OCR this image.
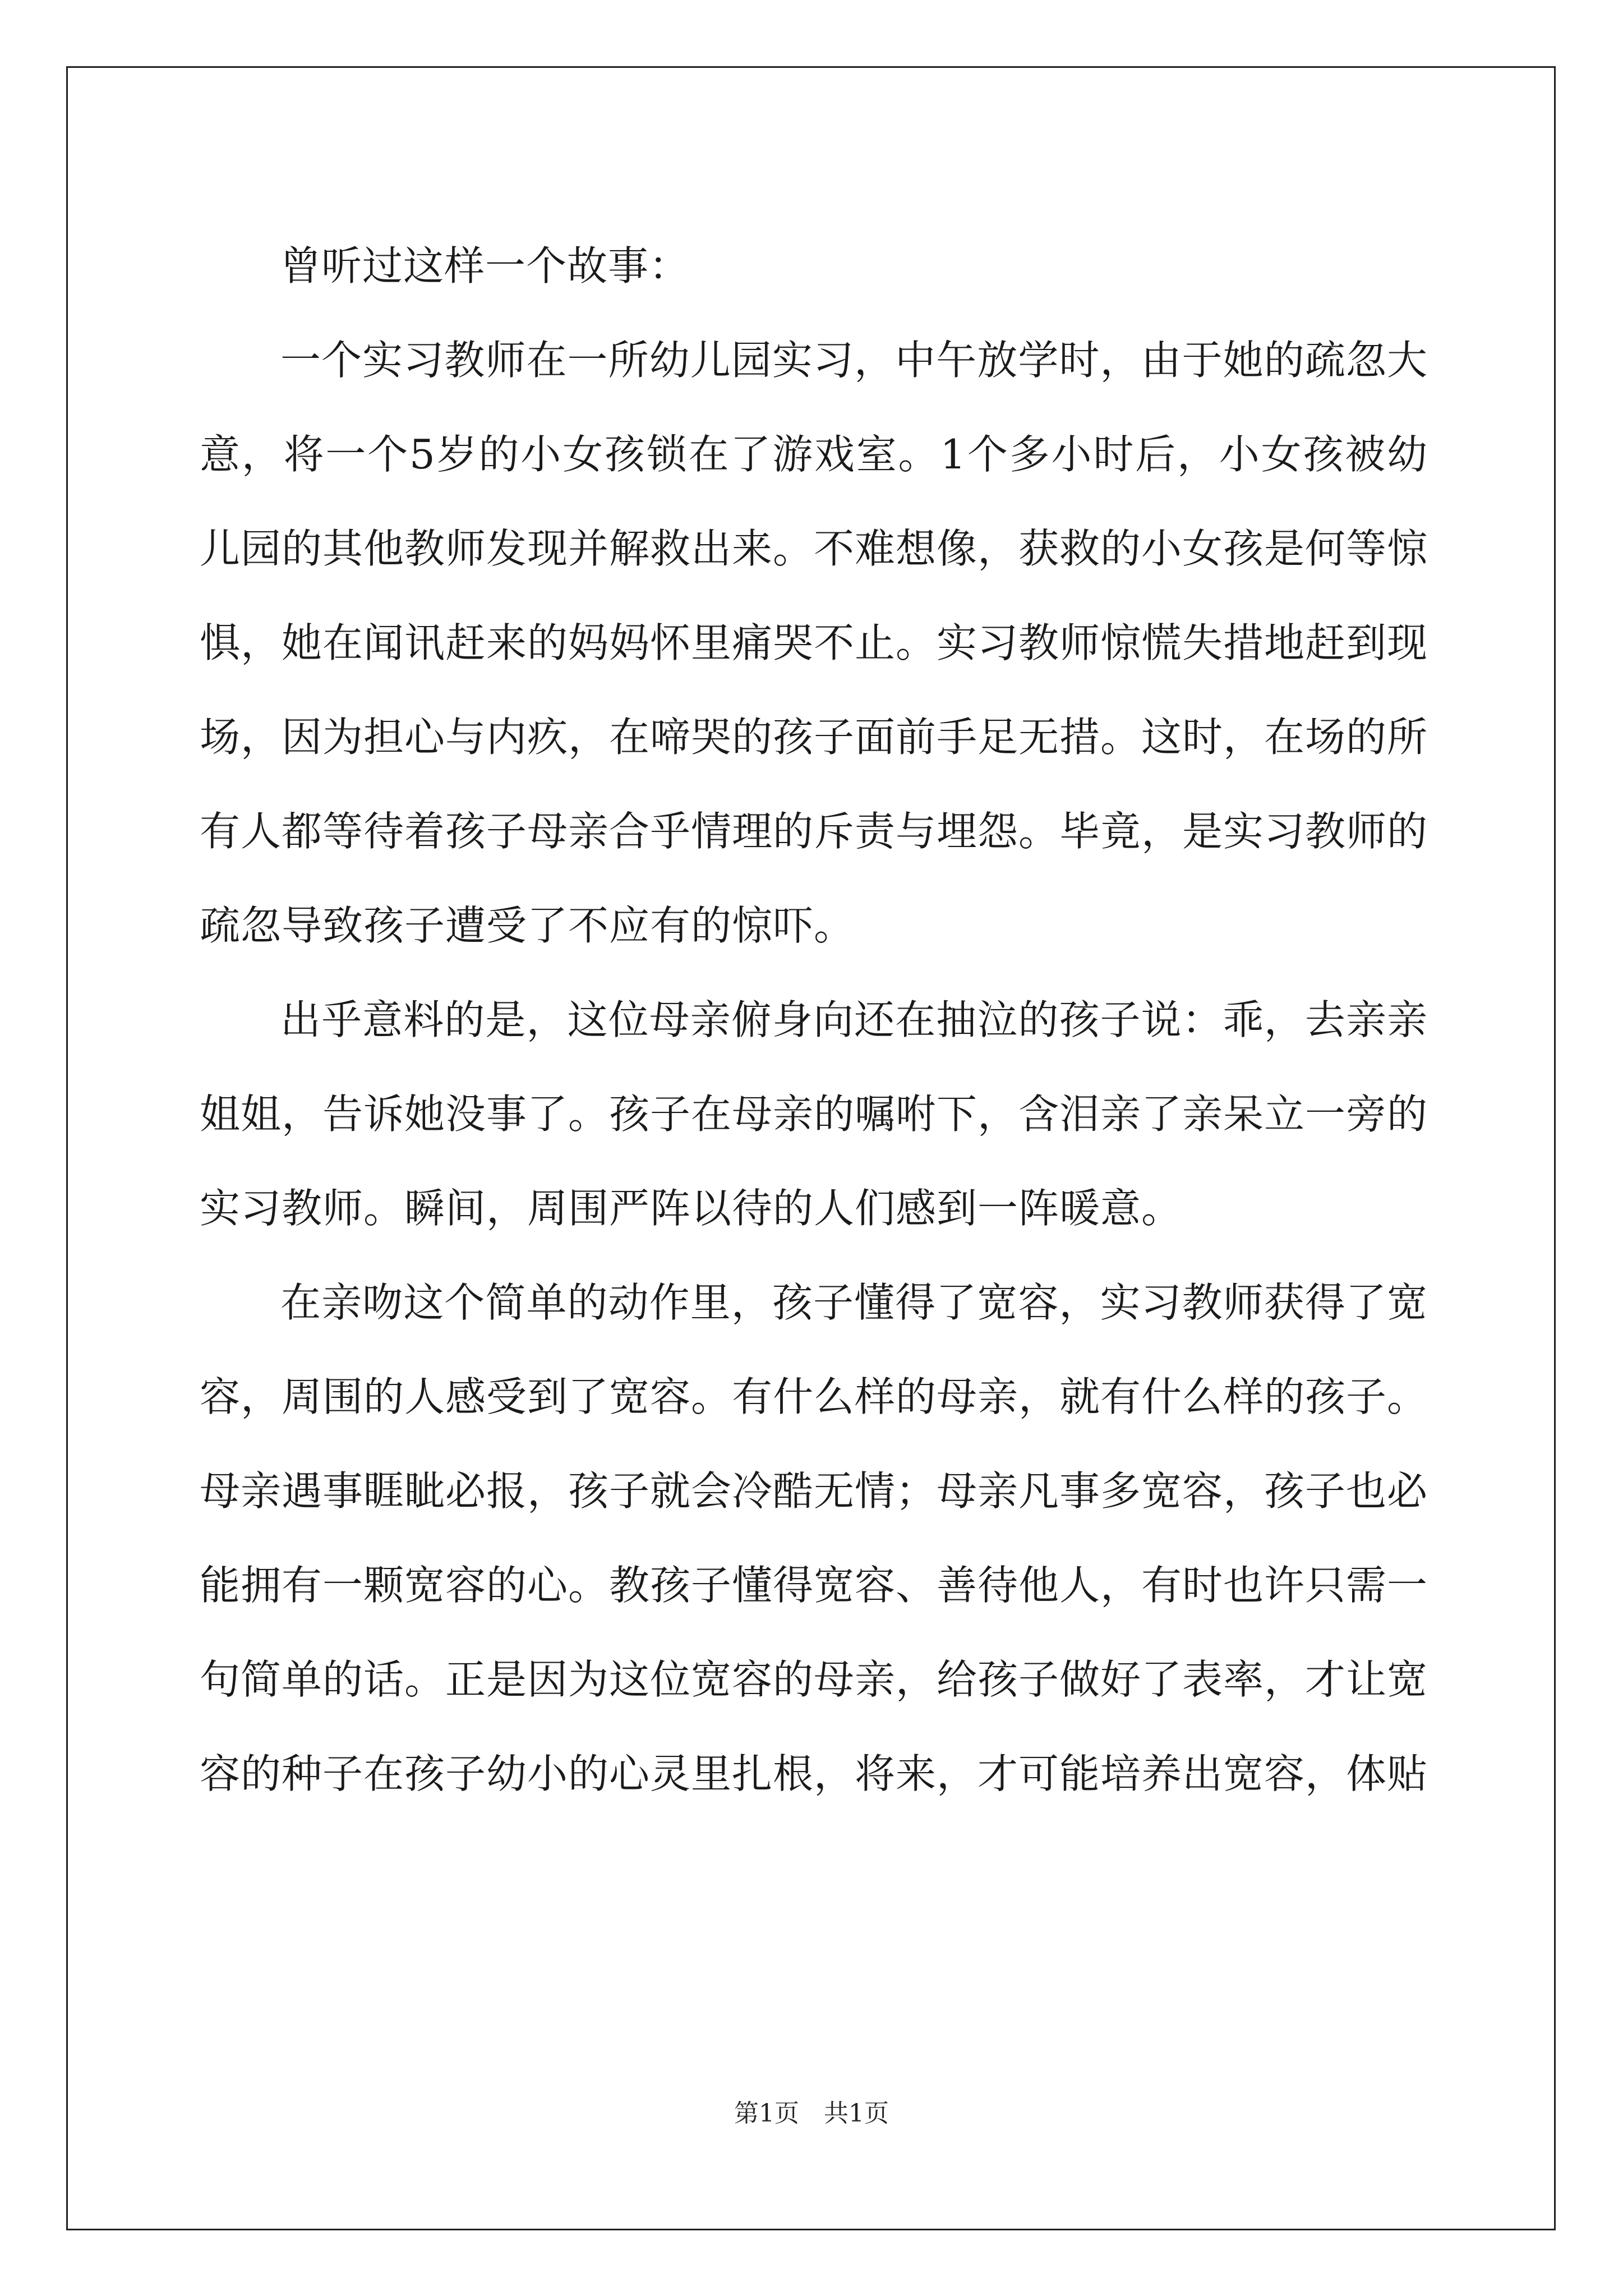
曾听过这样一个故事：

一个实习教师在一所幼儿园实习，中午放学时，由于她的疏忽大意，将一个5岁的小女孩锁在了游戏室。1个多小时后，小女孩被幼儿园的其他教师发现并解救出来。不难想像，获救的小女孩是何等惊惧，她在闻讯赶来的妈妈怀里痛哭不止。实习教师惊慌失措地赶到现场，因为担心与内疚，在啼哭的孩子面前手足无措。这时，在场的所有人都等待着孩子母亲合乎情理的斥责与埋怨。毕竟，是实习教师的疏忽导致孩子遭受了不应有的惊吓。

出乎意料的是，这位母亲俯身向还在抽泣的孩子说：乖，去亲亲姐姐，告诉她没事了。孩子在母亲的嘱咐下，含泪亲了亲呆立一旁的实习教师。瞬间，周围严阵以待的人们感到一阵暖意。

在亲吻这个简单的动作里，孩子懂得了宽容，实习教师获得了宽容，周围的人感受到了宽容。有什么样的母亲，就有什么样的孩子。母亲遇事睚眦必报，孩子就会冷酷无情；母亲凡事多宽容，孩子也必能拥有一颗宽容的心。教孩子懂得宽容、善待他人，有时也许只需一句简单的话。正是因为这位宽容的母亲，给孩子做好了表率，才让宽容的种子在孩子幼小的心灵里扎根，将来，才可能培养出宽容，体贴

第1页　共1页
